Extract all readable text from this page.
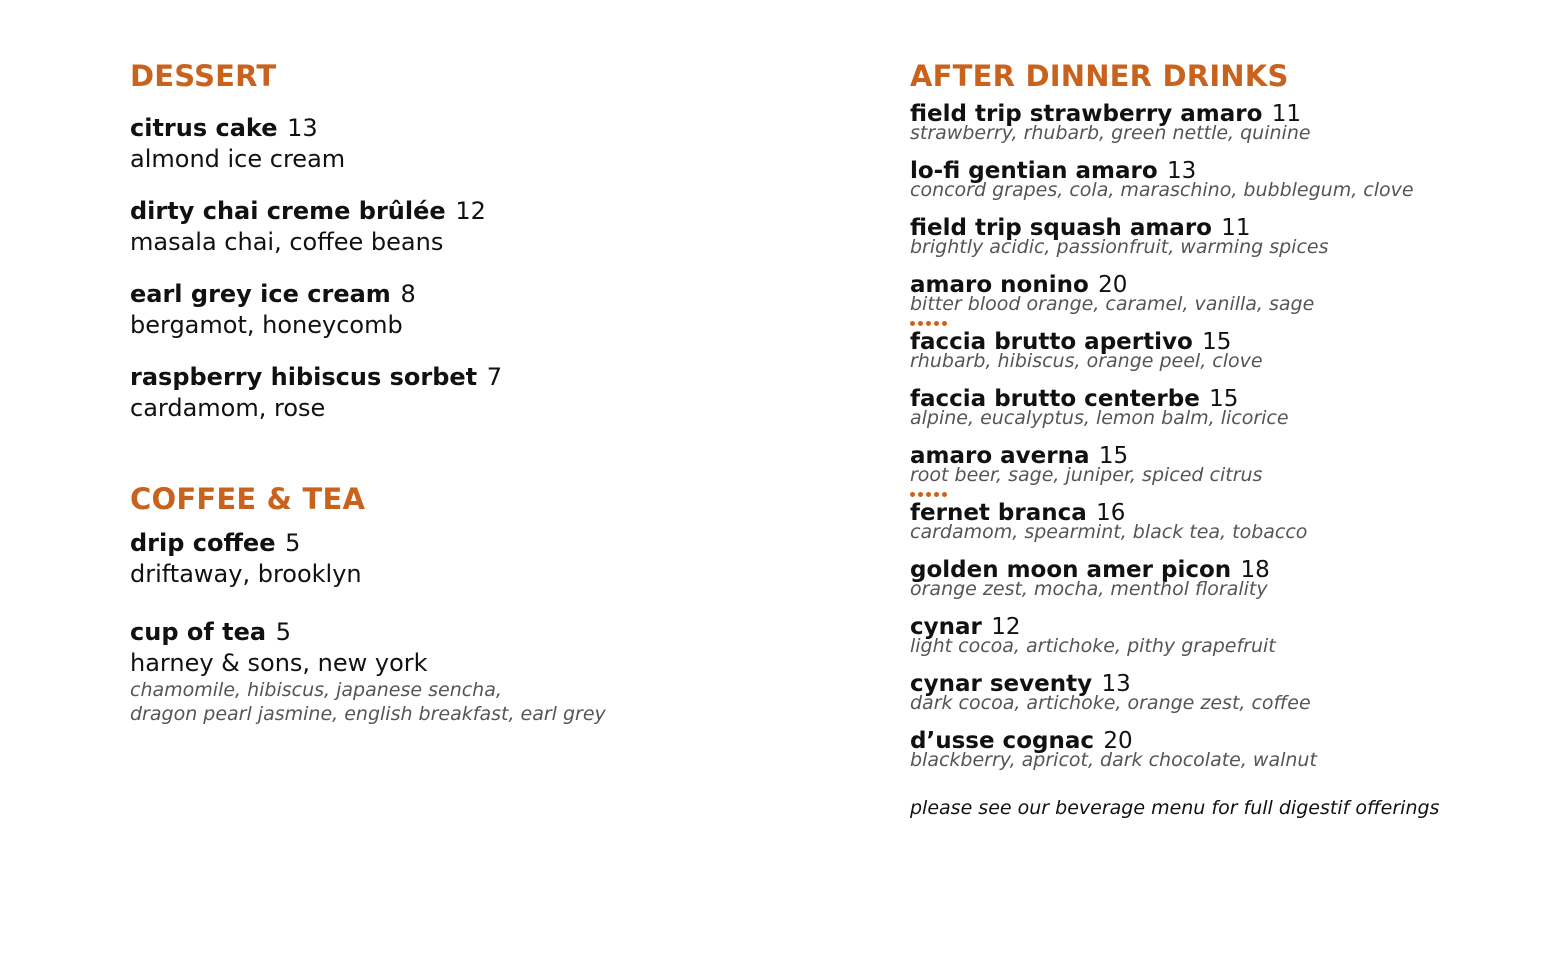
DESSERT
citrus cake 13
almond ice cream
dirty chai creme brûlée 12
masala chai, coffee beans
earl grey ice cream 8
bergamot, honeycomb
raspberry hibiscus sorbet 7
cardamom, rose
COFFEE & TEA
drip coffee 5
driftaway, brooklyn
cup of tea 5
harney & sons, new york
chamomile, hibiscus, japanese sencha,
dragon pearl jasmine, english breakfast, earl grey
AFTER DINNER DRINKS
field trip strawberry amaro 11
strawberry, rhubarb, green nettle, quinine
lo-fi gentian amaro 13
concord grapes, cola, maraschino, bubblegum, clove
field trip squash amaro 11
brightly acidic, passionfruit, warming spices
amaro nonino 20
bitter blood orange, caramel, vanilla, sage
faccia brutto apertivo 15
rhubarb, hibiscus, orange peel, clove
faccia brutto centerbe 15
alpine, eucalyptus, lemon balm, licorice
amaro averna 15
root beer, sage, juniper, spiced citrus
fernet branca 16
cardamom, spearmint, black tea, tobacco
golden moon amer picon 18
orange zest, mocha, menthol florality
cynar 12
light cocoa, artichoke, pithy grapefruit
cynar seventy 13
dark cocoa, artichoke, orange zest, coffee
d’usse cognac 20
blackberry, apricot, dark chocolate, walnut
please see our beverage menu for full digestif offerings
